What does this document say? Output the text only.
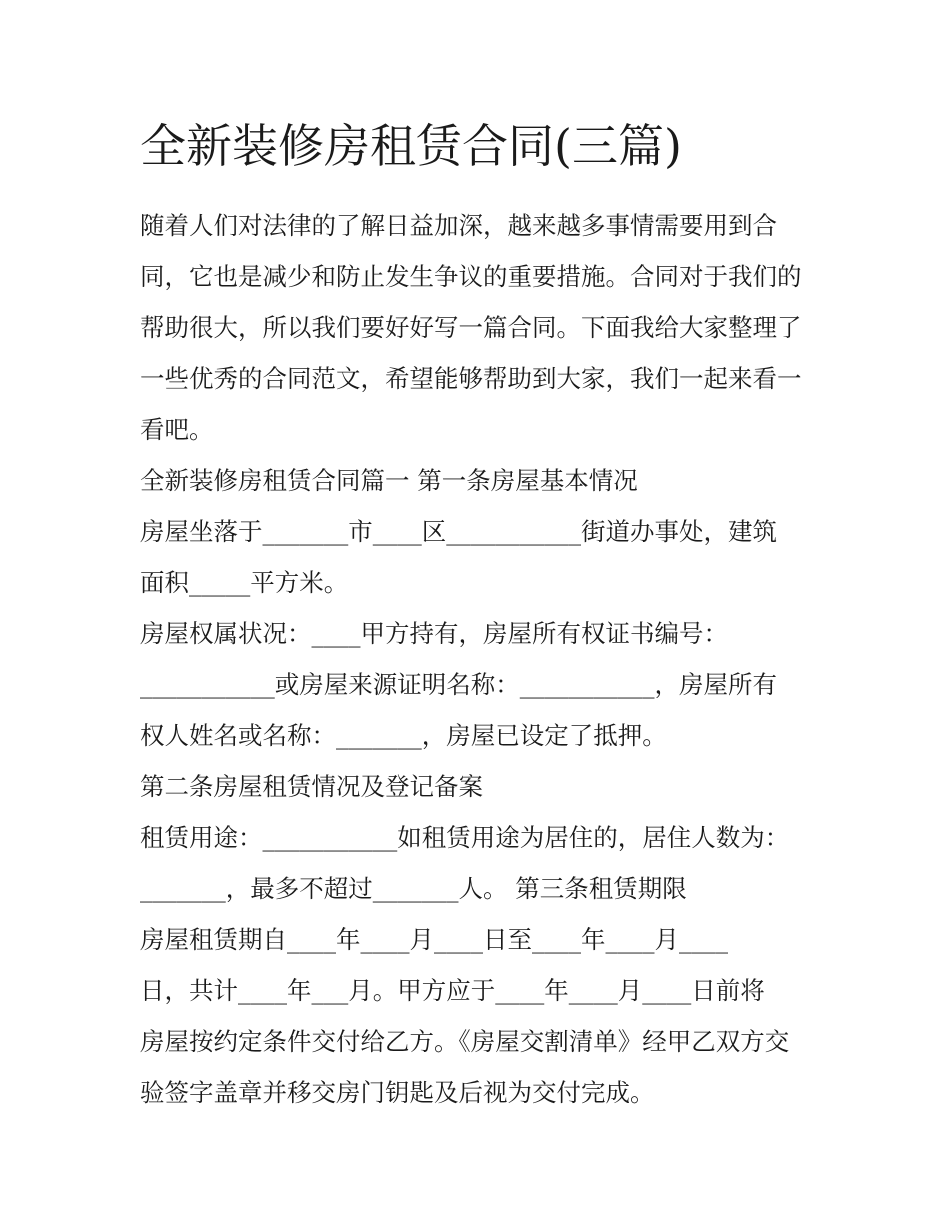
全新装修房租赁合同(三篇)
随着人们对法律的了解日益加深，越来越多事情需要用到合
同，它也是减少和防止发生争议的重要措施。合同对于我们的
帮助很大，所以我们要好好写一篇合同。下面我给大家整理了
一些优秀的合同范文，希望能够帮助到大家，我们一起来看一
看吧。
全新装修房租赁合同篇一 第一条房屋基本情况
房屋坐落于_______市____区___________街道办事处，建筑
面积_____平方米。
房屋权属状况：____甲方持有，房屋所有权证书编号：
___________或房屋来源证明名称：___________，房屋所有
权人姓名或名称：_______，房屋已设定了抵押。
第二条房屋租赁情况及登记备案
租赁用途：___________如租赁用途为居住的，居住人数为：
_______，最多不超过_______人。 第三条租赁期限
房屋租赁期自____年____月____日至____年____月____
日，共计____年___月。甲方应于____年____月____日前将
房屋按约定条件交付给乙方。《房屋交割清单》经甲乙双方交
验签字盖章并移交房门钥匙及后视为交付完成。
